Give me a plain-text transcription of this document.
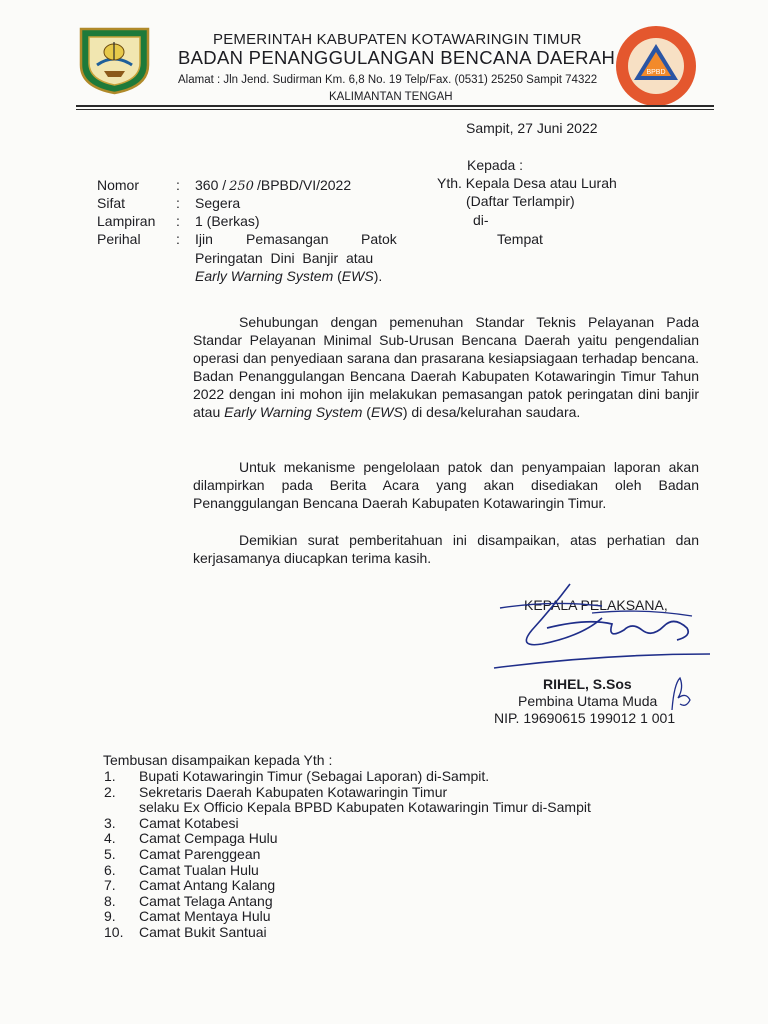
PEMERINTAH KABUPATEN KOTAWARINGIN TIMUR
BADAN PENANGGULANGAN BENCANA DAERAH
Alamat : Jln Jend. Sudirman Km. 6,8 No. 19 Telp/Fax. (0531) 25250 Sampit 74322
KALIMANTAN TENGAH
BPBD
Sampit, 27 Juni 2022
Kepada :
Yth. Kepala Desa atau Lurah
(Daftar Terlampir)
di-
Tempat
Nomor	: 360 / 250 /BPBD/VI/2022
Sifat	: Segera
Lampiran : 1 (Berkas)
Perihal	: Ijin Pemasangan Patok
Peringatan  Dini  Banjir  atau
Early Warning System (EWS).
Sehubungan dengan pemenuhan Standar Teknis Pelayanan Pada Standar Pelayanan Minimal Sub-Urusan Bencana Daerah yaitu pengendalian operasi dan penyediaan sarana dan prasarana kesiapsiagaan terhadap bencana. Badan Penanggulangan Bencana Daerah Kabupaten Kotawaringin Timur Tahun 2022 dengan ini mohon ijin melakukan pemasangan patok peringatan dini banjir atau Early Warning System (EWS) di desa/kelurahan saudara.
Untuk mekanisme pengelolaan patok dan penyampaian laporan akan dilampirkan pada Berita Acara yang akan disediakan oleh Badan Penanggulangan Bencana Daerah Kabupaten Kotawaringin Timur.
Demikian surat pemberitahuan ini disampaikan, atas perhatian dan kerjasamanya diucapkan terima kasih.
KEPALA PELAKSANA,
RIHEL, S.Sos
Pembina Utama Muda
NIP. 19690615 199012 1 001
Tembusan disampaikan kepada Yth :
1. Bupati Kotawaringin Timur (Sebagai Laporan) di-Sampit.
2. Sekretaris Daerah Kabupaten Kotawaringin Timur
selaku Ex Officio Kepala BPBD Kabupaten Kotawaringin Timur di-Sampit
3. Camat Kotabesi
4. Camat Cempaga Hulu
5. Camat Parenggean
6. Camat Tualan Hulu
7. Camat Antang Kalang
8. Camat Telaga Antang
9. Camat Mentaya Hulu
10. Camat Bukit Santuai
